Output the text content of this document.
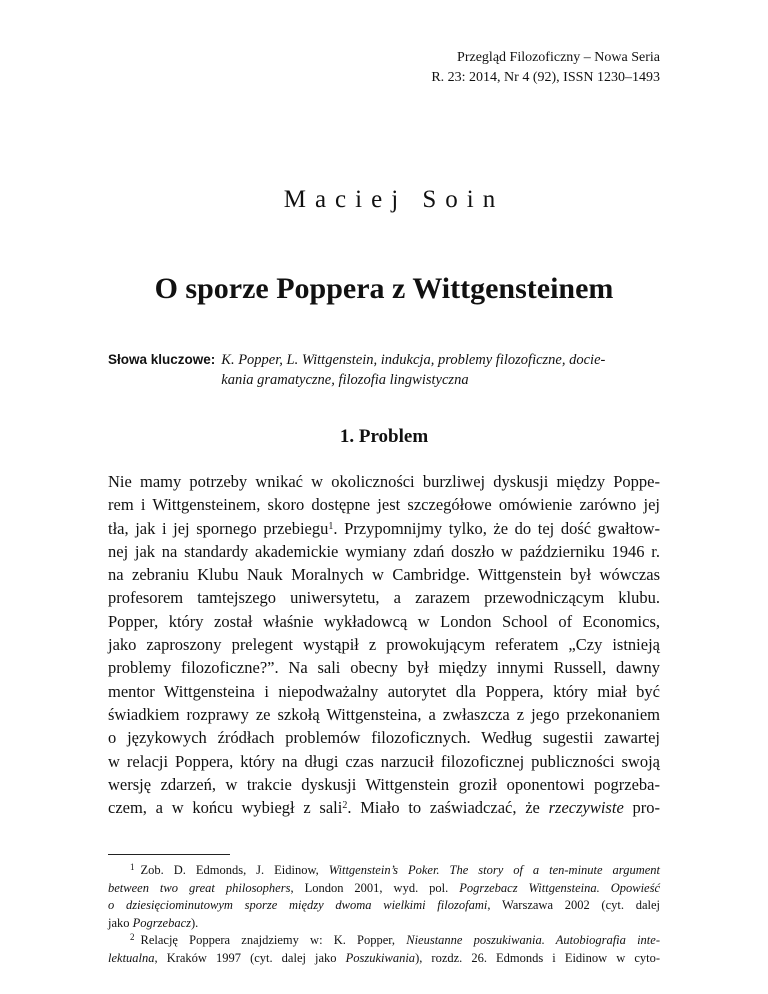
Przegląd Filozoficzny – Nowa Seria
R. 23: 2014, Nr 4 (92), ISSN 1230–1493
Maciej Soin
O sporze Poppera z Wittgensteinem
Słowa kluczowe: K. Popper, L. Wittgenstein, indukcja, problemy filozoficzne, docie-
kania gramatyczne, filozofia lingwistyczna
1. Problem
Nie mamy potrzeby wnikać w okoliczności burzliwej dyskusji między Poppe-
rem i Wittgensteinem, skoro dostępne jest szczegółowe omówienie zarówno jej
tła, jak i jej spornego przebiegu$^1$. Przypomnijmy tylko, że do tej dość gwałtow-
nej jak na standardy akademickie wymiany zdań doszło w październiku 1946 r.
na zebraniu Klubu Nauk Moralnych w Cambridge. Wittgenstein był wówczas
profesorem tamtejszego uniwersytetu, a zarazem przewodniczącym klubu.
Popper, który został właśnie wykładowcą w London School of Economics,
jako zaproszony prelegent wystąpił z prowokującym referatem „Czy istnieją
problemy filozoficzne?”. Na sali obecny był między innymi Russell, dawny
mentor Wittgensteina i niepodważalny autorytet dla Poppera, który miał być
świadkiem rozprawy ze szkołą Wittgensteina, a zwłaszcza z jego przekonaniem
o językowych źródłach problemów filozoficznych. Według sugestii zawartej
w relacji Poppera, który na długi czas narzucił filozoficznej publiczności swoją
wersję zdarzeń, w trakcie dyskusji Wittgenstein groził oponentowi pogrzeba-
czem, a w końcu wybiegł z sali$^2$. Miało to zaświadczać, że rzeczywiste pro-
$^1$ Zob. D. Edmonds, J. Eidinow, Wittgenstein’s Poker. The story of a ten-minute argument
between two great philosophers, London 2001, wyd. pol. Pogrzebacz Wittgensteina. Opowieść
o dziesięciominutowym sporze między dwoma wielkimi filozofami, Warszawa 2002 (cyt. dalej
jako Pogrzebacz).
$^2$ Relację Poppera znajdziemy w: K. Popper, Nieustanne poszukiwania. Autobiografia inte-
lektualna, Kraków 1997 (cyt. dalej jako Poszukiwania), rozdz. 26. Edmonds i Eidinow w cyto-
